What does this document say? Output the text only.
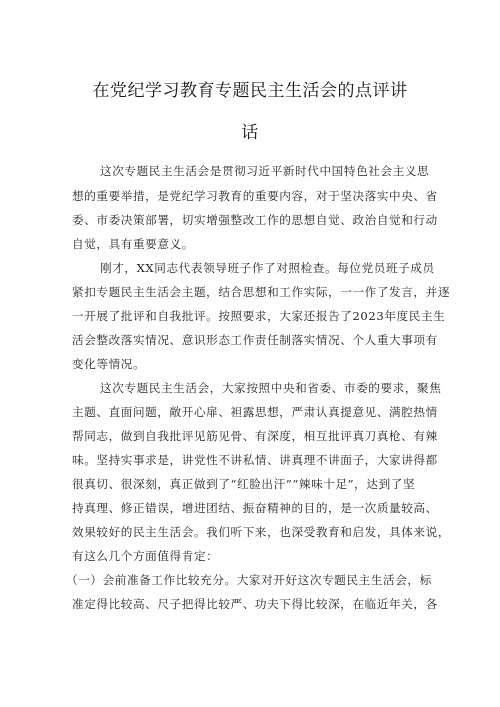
在党纪学习教育专题民主生活会的点评讲
话
这次专题民主生活会是贯彻习近平新时代中国特色社会主义思
想的重要举措，是党纪学习教育的重要内容，对于坚决落实中央、省
委、市委决策部署，切实增强整改工作的思想自觉、政治自觉和行动
自觉，具有重要意义。
刚才，XX同志代表领导班子作了对照检查。每位党员班子成员
紧扣专题民主生活会主题，结合思想和工作实际，一一作了发言，并逐
一开展了批评和自我批评。按照要求，大家还报告了2023年度民主生
活会整改落实情况、意识形态工作责任制落实情况、个人重大事项有
变化等情况。
这次专题民主生活会，大家按照中央和省委、市委的要求，聚焦
主题、直面问题，敞开心扉、袒露思想，严肃认真提意见、满腔热情
帮同志，做到自我批评见筋见骨、有深度，相互批评真刀真枪、有辣
味。坚持实事求是，讲党性不讲私情、讲真理不讲面子，大家讲得都
很真切、很深刻，真正做到了“红脸出汗”“辣味十足”，达到了坚
持真理、修正错误，增进团结、振奋精神的目的，是一次质量较高、
效果较好的民主生活会。我们听下来，也深受教育和启发，具体来说，
有这么几个方面值得肯定：
（一）会前准备工作比较充分。大家对开好这次专题民主生活会，标
准定得比较高、尺子把得比较严、功夫下得比较深，在临近年关，各
